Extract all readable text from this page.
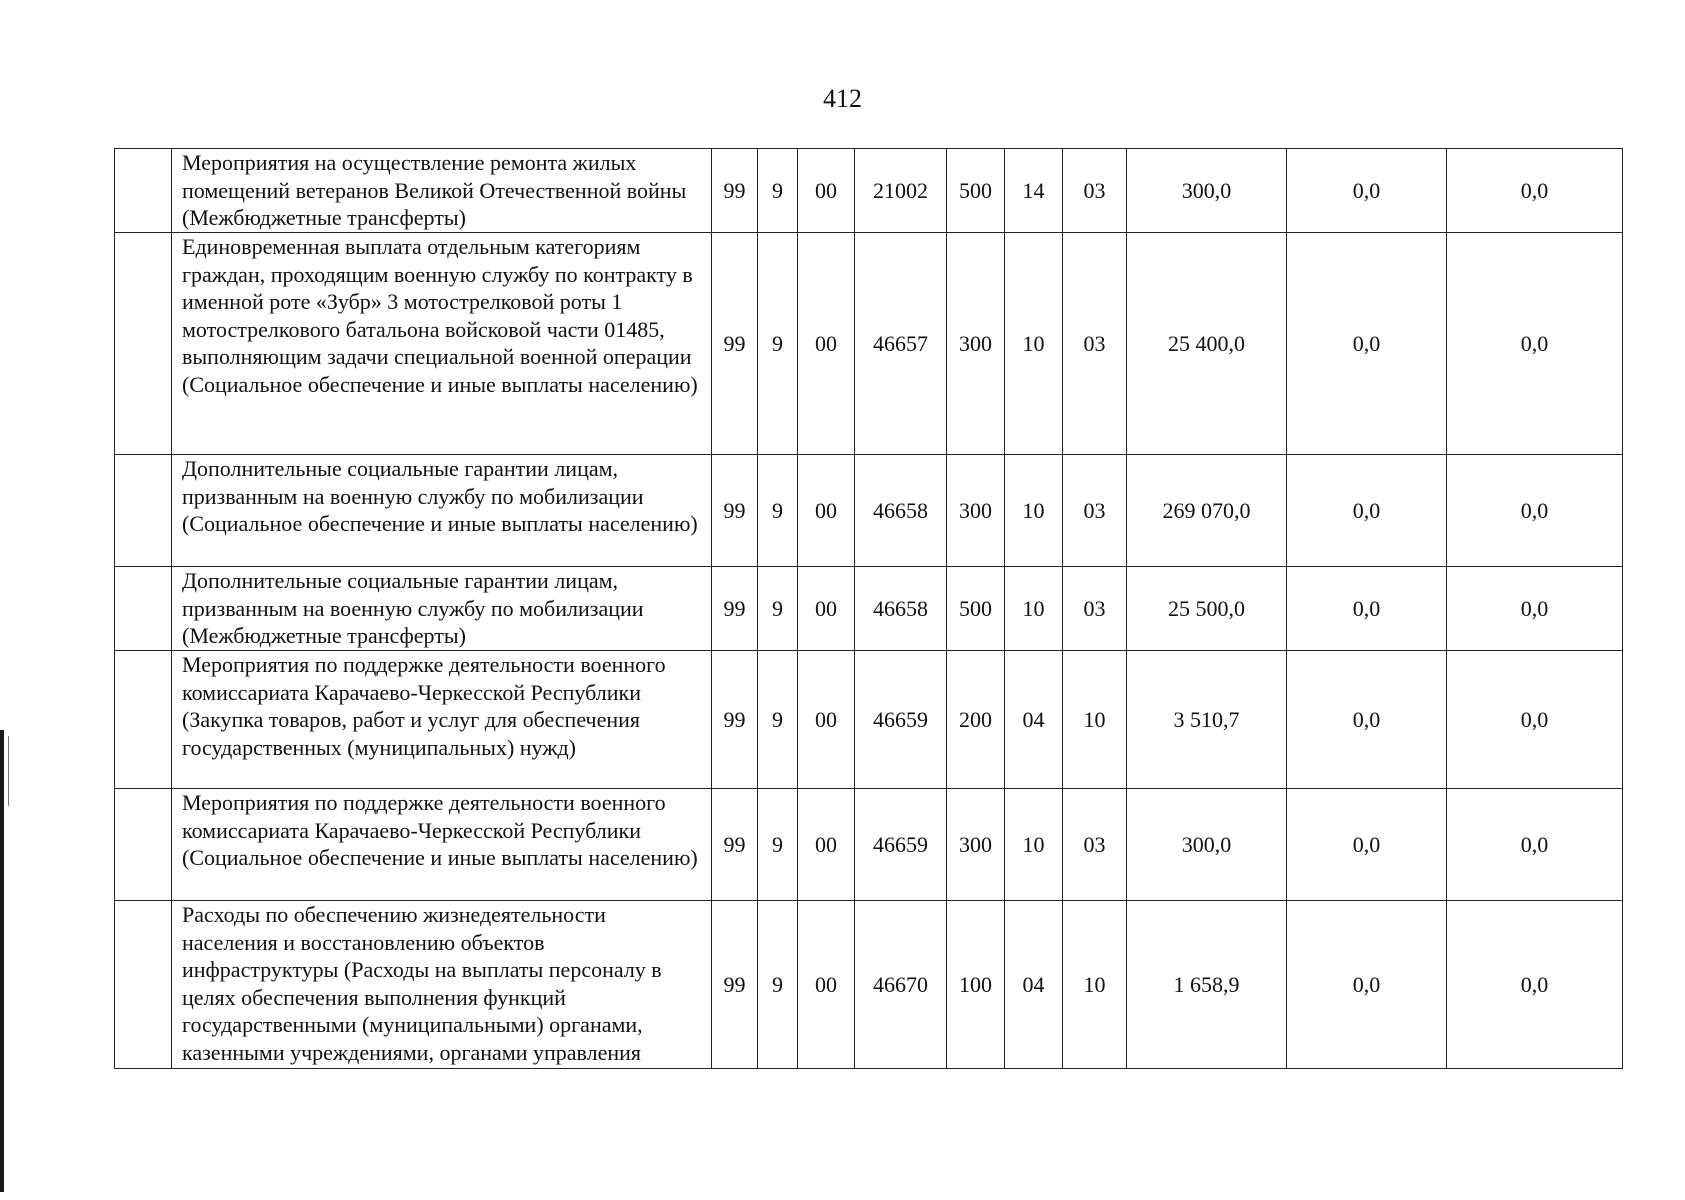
412
	Мероприятия на осуществление ремонта жилых помещений ветеранов Великой Отечественной войны (Межбюджетные трансферты)	99	9	00	21002	500	14	03	300,0	0,0	0,0
	Единовременная выплата отдельным категориям граждан, проходящим военную службу по контракту в именной роте «Зубр» 3 мотострелковой роты 1 мотострелкового батальона войсковой части 01485, выполняющим задачи специальной военной операции (Социальное обеспечение и иные выплаты населению)	99	9	00	46657	300	10	03	25 400,0	0,0	0,0
	Дополнительные социальные гарантии лицам, призванным на военную службу по мобилизации (Социальное обеспечение и иные выплаты населению)	99	9	00	46658	300	10	03	269 070,0	0,0	0,0
	Дополнительные социальные гарантии лицам, призванным на военную службу по мобилизации (Межбюджетные трансферты)	99	9	00	46658	500	10	03	25 500,0	0,0	0,0
	Мероприятия по поддержке деятельности военного комиссариата Карачаево-Черкесской Республики (Закупка товаров, работ и услуг для обеспечения государственных (муниципальных) нужд)	99	9	00	46659	200	04	10	3 510,7	0,0	0,0
	Мероприятия по поддержке деятельности военного комиссариата Карачаево-Черкесской Республики (Социальное обеспечение и иные выплаты населению)	99	9	00	46659	300	10	03	300,0	0,0	0,0
	Расходы по обеспечению жизнедеятельности населения и восстановлению объектов инфраструктуры (Расходы на выплаты персоналу в целях обеспечения выполнения функций государственными (муниципальными) органами, казенными учреждениями, органами управления	99	9	00	46670	100	04	10	1 658,9	0,0	0,0
